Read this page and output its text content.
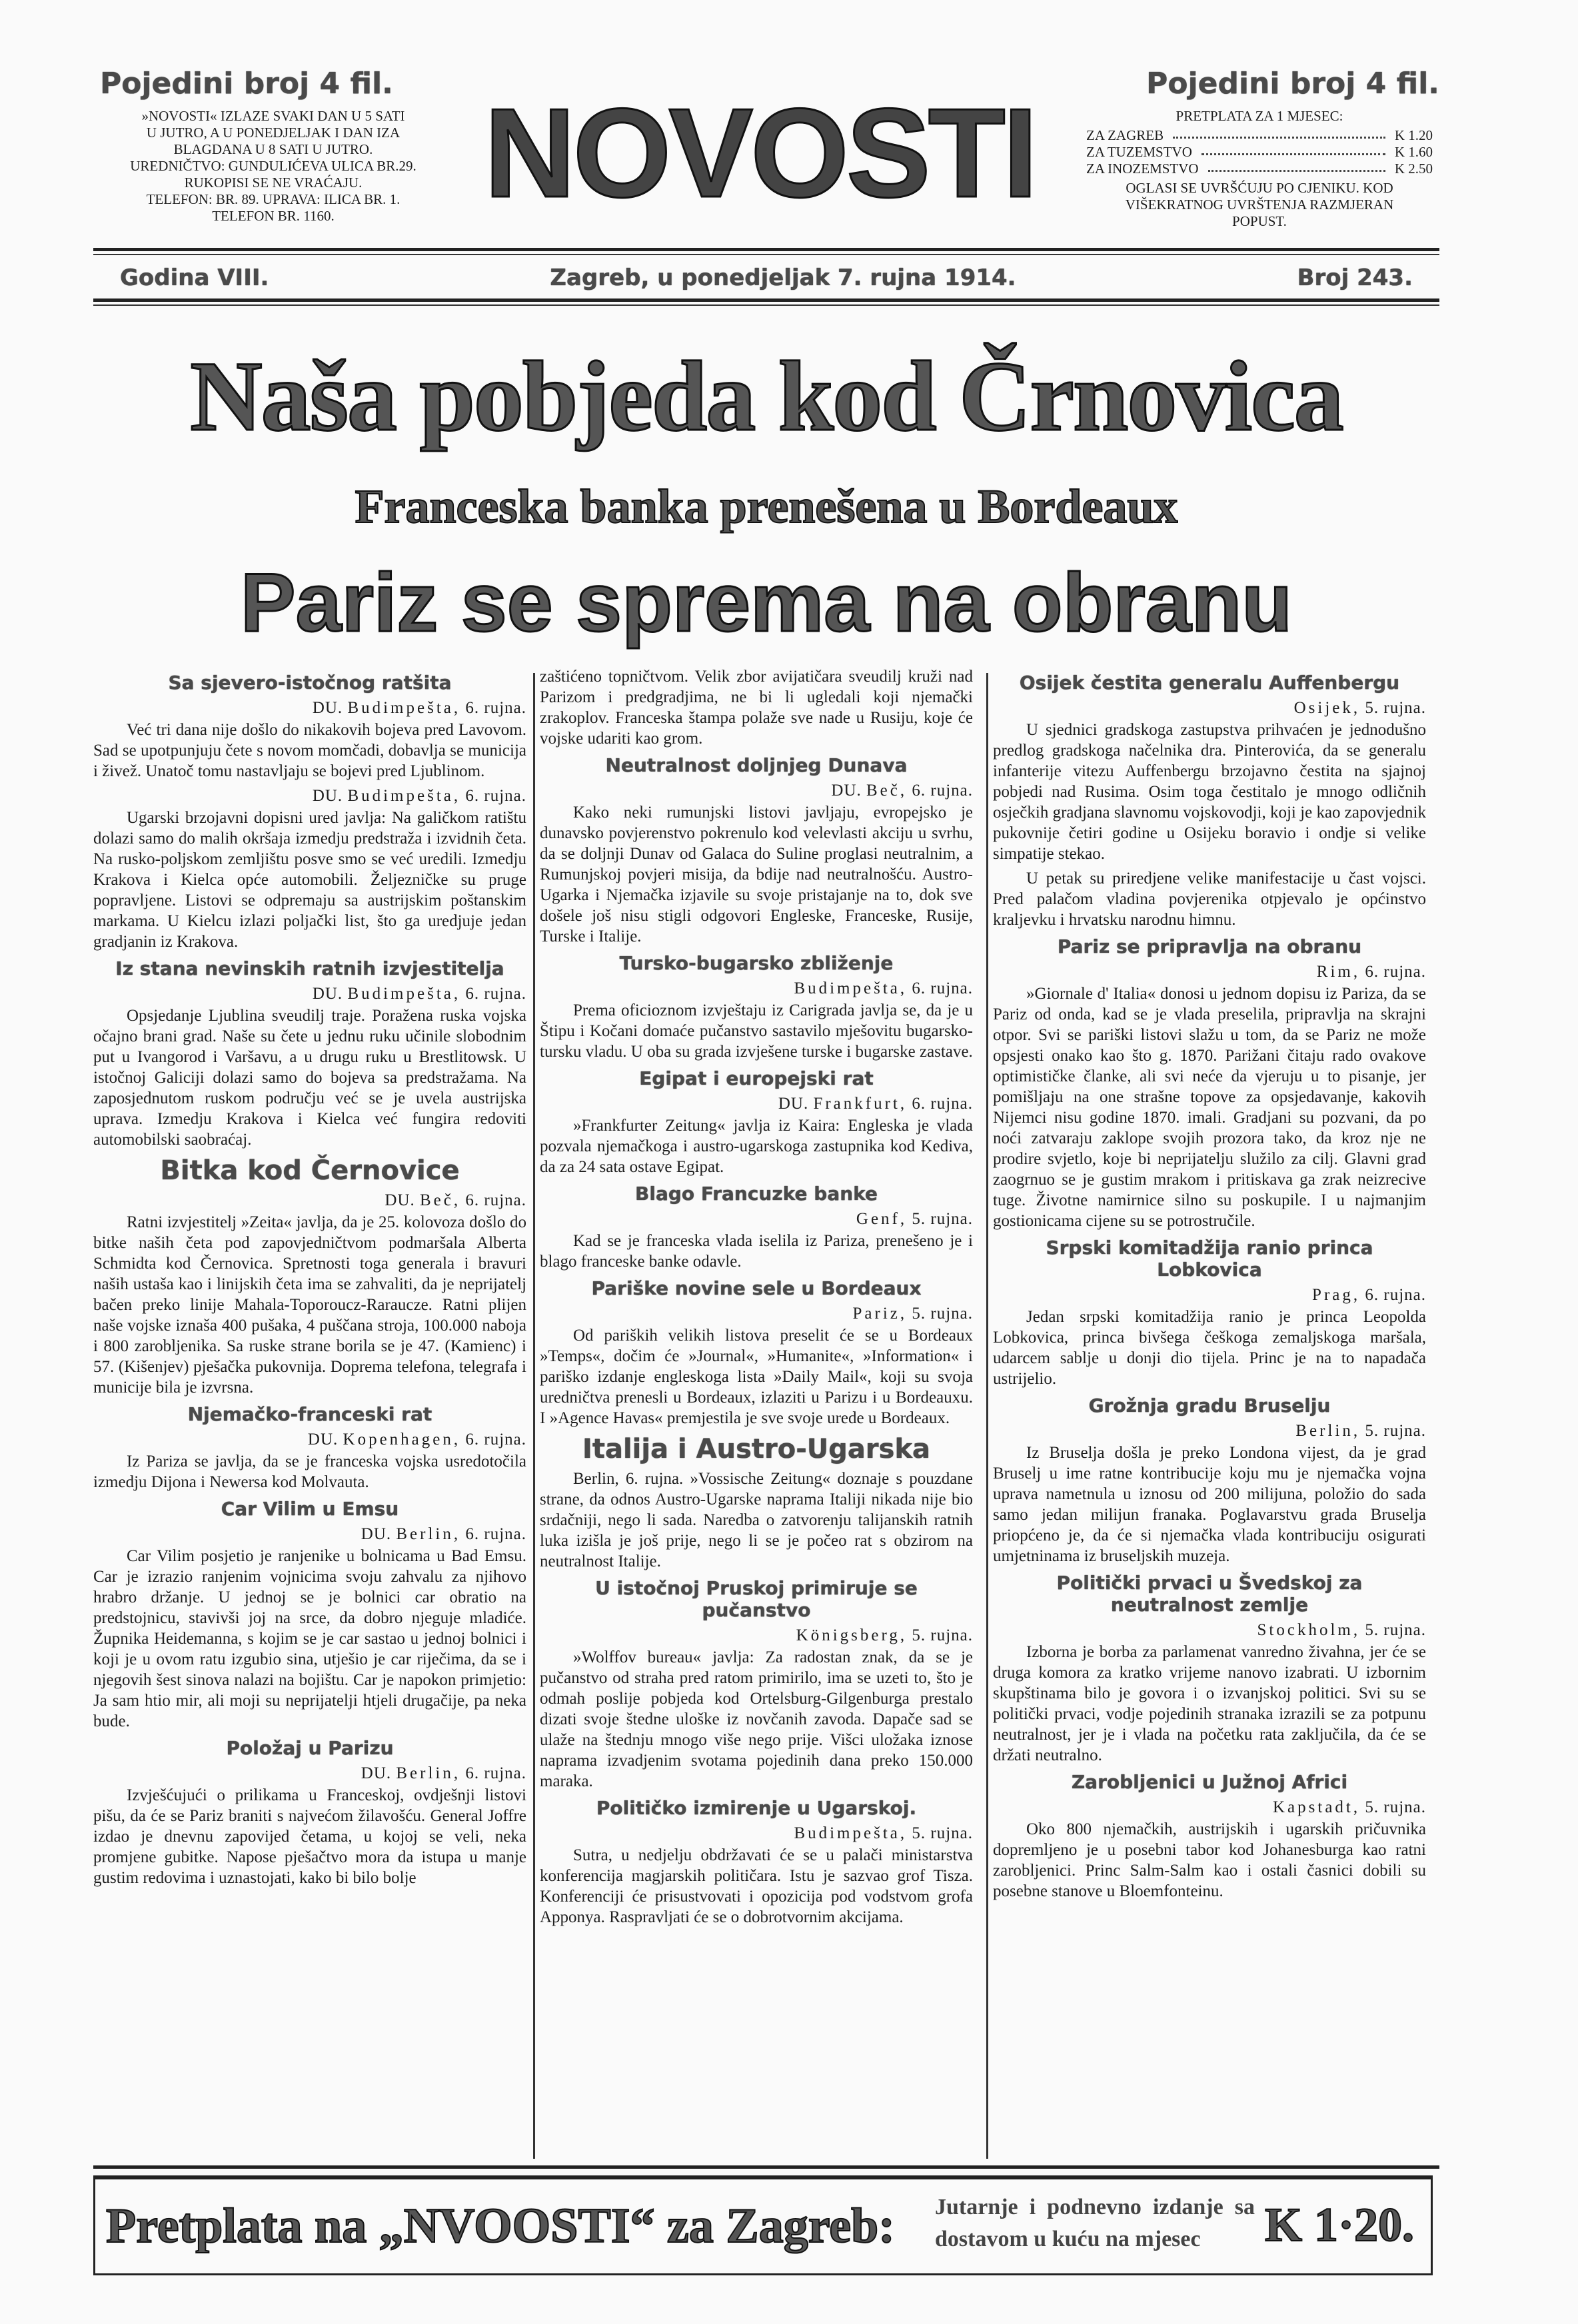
Pojedini broj 4 fil.
»NOVOSTI« IZLAZE SVAKI DAN U 5 SATI
U JUTRO, A U PONEDJELJAK I DAN IZA
BLAGDANA U 8 SATI U JUTRO.
UREDNIČTVO: GUNDULIĆEVA ULICA BR.29.
RUKOPISI SE NE VRAĆAJU.
TELEFON: BR. 89. UPRAVA: ILICA BR. 1.
TELEFON BR. 1160.	NOVOSTI	Pojedini broj 4 fil.
PRETPLATA ZA 1 MJESEC:
ZA ZAGREB	K 1.20
ZA TUZEMSTVO	K 1.60
ZA INOZEMSTVO	K 2.50
OGLASI SE UVRŠĆUJU PO CJENIKU. KOD
VIŠEKRATNOG UVRŠTENJA RAZMJERAN
POPUST.
Godina VIII.	Zagreb, u ponedjeljak 7. rujna 1914.	Broj 243.
Naša pobjeda kod Črnovica
Franceska banka prenešena u Bordeaux
Pariz se sprema na obranu
Sa sjevero-istočnog ratšita
DU. Budimpešta, 6. rujna.

Već tri dana nije došlo do nikakovih bojeva pred Lavovom. Sad se upotpunjuju čete s novom momčadi, dobavlja se municija i živež. Unatoč tomu nastavljaju se bojevi pred Ljublinom.

DU. Budimpešta, 6. rujna.

Ugarski brzojavni dopisni ured javlja: Na galičkom ratištu dolazi samo do malih okršaja izmedju predstraža i izvidnih četa. Na rusko-poljskom zemljištu posve smo se već uredili. Izmedju Krakova i Kielca opće automobili. Željezničke su pruge popravljene. Listovi se odpremaju sa austrijskim poštanskim markama. U Kielcu izlazi poljački list, što ga uredjuje jedan gradjanin iz Krakova.

Iz stana nevinskih ratnih izvjestitelja
DU. Budimpešta, 6. rujna.

Opsjedanje Ljublina sveudilj traje. Poražena ruska vojska očajno brani grad. Naše su čete u jednu ruku učinile slobodnim put u Ivangorod i Varšavu, a u drugu ruku u Brestlitowsk. U istočnoj Galiciji dolazi samo do bojeva sa predstražama. Na zaposjednutom ruskom području već se je uvela austrijska uprava. Izmedju Krakova i Kielca već fungira redoviti automobilski saobraćaj.

Bitka kod Černovice
DU. Beč, 6. rujna.

Ratni izvjestitelj »Zeita« javlja, da je 25. kolovoza došlo do bitke naših četa pod zapovjedničtvom podmaršala Alberta Schmidta kod Černovica. Spretnosti toga generala i bravuri naših ustaša kao i linijskih četa ima se zahvaliti, da je neprijatelj bačen preko linije Mahala-Toporoucz-Raraucze. Ratni plijen naše vojske iznaša 400 pušaka, 4 puščana stroja, 100.000 naboja i 800 zarobljenika. Sa ruske strane borila se je 47. (Kamienc) i 57. (Kišenjev) pješačka pukovnija. Doprema telefona, telegrafa i municije bila je izvrsna.

Njemačko-franceski rat
DU. Kopenhagen, 6. rujna.

Iz Pariza se javlja, da se je franceska vojska usredotočila izmedju Dijona i Newersa kod Molvauta.

Car Vilim u Emsu
DU. Berlin, 6. rujna.

Car Vilim posjetio je ranjenike u bolnicama u Bad Emsu. Car je izrazio ranjenim vojnicima svoju zahvalu za njihovo hrabro držanje. U jednoj se je bolnici car obratio na predstojnicu, stavivši joj na srce, da dobro njeguje mladiće. Župnika Heidemanna, s kojim se je car sastao u jednoj bolnici i koji je u ovom ratu izgubio sina, utješio je car riječima, da se i njegovih šest sinova nalazi na bojištu. Car je napokon primjetio: Ja sam htio mir, ali moji su neprijatelji htjeli drugačije, pa neka bude.

Položaj u Parizu
DU. Berlin, 6. rujna.

Izvješćujući o prilikama u Franceskoj, ovdješnji listovi pišu, da će se Pariz braniti s najvećom žilavošću. General Joffre izdao je dnevnu zapovijed četama, u kojoj se veli, neka promjene gubitke. Napose pješačtvo mora da istupa u manje gustim redovima i uznastojati, kako bi bilo bolje

zaštićeno topničtvom. Velik zbor avijatičara sveudilj kruži nad Parizom i predgradjima, ne bi li ugledali koji njemački zrakoplov. Franceska štampa polaže sve nade u Rusiju, koje će vojske udariti kao grom.

Neutralnost doljnjeg Dunava
DU. Beč, 6. rujna.

Kako neki rumunjski listovi javljaju, evropejsko je dunavsko povjerenstvo pokrenulo kod velevlasti akciju u svrhu, da se doljnji Dunav od Galaca do Suline proglasi neutralnim, a Rumunjskoj povjeri misija, da bdije nad neutralnošću. Austro-Ugarka i Njemačka izjavile su svoje pristajanje na to, dok sve došele još nisu stigli odgovori Engleske, Franceske, Rusije, Turske i Italije.

Tursko-bugarsko zbliženje
Budimpešta, 6. rujna.

Prema oficioznom izvještaju iz Carigrada javlja se, da je u Štipu i Kočani domaće pučanstvo sastavilo mješovitu bugarsko-tursku vladu. U oba su grada izvješene turske i bugarske zastave.

Egipat i europejski rat
DU. Frankfurt, 6. rujna.

»Frankfurter Zeitung« javlja iz Kaira: Engleska je vlada pozvala njemačkoga i austro-ugarskoga zastupnika kod Kediva, da za 24 sata ostave Egipat.

Blago Francuzke banke
Genf, 5. rujna.

Kad se je franceska vlada iselila iz Pariza, prenešeno je i blago franceske banke odavle.

Pariške novine sele u Bordeaux
Pariz, 5. rujna.

Od pariških velikih listova preselit će se u Bordeaux »Temps«, dočim će »Journal«, »Humanite«, »Information« i pariško izdanje engleskoga lista »Daily Mail«, koji su svoja uredničtva prenesli u Bordeaux, izlaziti u Parizu i u Bordeauxu. I »Agence Havas« premjestila je sve svoje urede u Bordeaux.

Italija i Austro-Ugarska

Berlin, 6. rujna. »Vossische Zeitung« doznaje s pouzdane strane, da odnos Austro-Ugarske naprama Italiji nikada nije bio srdačniji, nego li sada. Naredba o zatvorenju talijanskih ratnih luka izišla je još prije, nego li se je počeo rat s obzirom na neutralnost Italije.

U istočnoj Pruskoj primiruje se pučanstvo
Königsberg, 5. rujna.

»Wolffov bureau« javlja: Za radostan znak, da se je pučanstvo od straha pred ratom primirilo, ima se uzeti to, što je odmah poslije pobjeda kod Ortelsburg-Gilgenburga prestalo dizati svoje štedne uloške iz novčanih zavoda. Dapače sad se ulaže na štednju mnogo više nego prije. Višci uložaka iznose naprama izvadjenim svotama pojedinih dana preko 150.000 maraka.

Političko izmirenje u Ugarskoj.
Budimpešta, 5. rujna.

Sutra, u nedjelju obdržavati će se u palači ministarstva konferencija magjarskih političara. Istu je sazvao grof Tisza. Konferenciji će prisustvovati i opozicija pod vodstvom grofa Apponya. Raspravljati će se o dobrotvornim akcijama.

Osijek čestita generalu Auffenbergu
Osijek, 5. rujna.

U sjednici gradskoga zastupstva prihvaćen je jednodušno predlog gradskoga načelnika dra. Pinterovića, da se generalu infanterije vitezu Auffenbergu brzojavno čestita na sjajnoj pobjedi nad Rusima. Osim toga čestitalo je mnogo odličnih osječkih gradjana slavnomu vojskovodji, koji je kao zapovjednik pukovnije četiri godine u Osijeku boravio i ondje si velike simpatije stekao.

U petak su priredjene velike manifestacije u čast vojsci. Pred palačom vladina povjerenika otpjevalo je općinstvo kraljevku i hrvatsku narodnu himnu.

Pariz se pripravlja na obranu
Rim, 6. rujna.

»Giornale d' Italia« donosi u jednom dopisu iz Pariza, da se Pariz od onda, kad se je vlada preselila, pripravlja na skrajni otpor. Svi se pariški listovi slažu u tom, da se Pariz ne može opsjesti onako kao što g. 1870. Parižani čitaju rado ovakove optimističke članke, ali svi neće da vjeruju u to pisanje, jer pomišljaju na one strašne topove za opsjedavanje, kakovih Nijemci nisu godine 1870. imali. Gradjani su pozvani, da po noći zatvaraju zaklope svojih prozora tako, da kroz nje ne prodire svjetlo, koje bi neprijatelju služilo za cilj. Glavni grad zaogrnuo se je gustim mrakom i pritiskava ga zrak neizrecive tuge. Životne namirnice silno su poskupile. I u najmanjim gostionicama cijene su se potrostručile.

Srpski komitadžija ranio princa Lobkovica
Prag, 6. rujna.

Jedan srpski komitadžija ranio je princa Leopolda Lobkovica, princa bivšega češkoga zemaljskoga maršala, udarcem sablje u donji dio tijela. Princ je na to napadača ustrijelio.

Grožnja gradu Bruselju
Berlin, 5. rujna.

Iz Bruselja došla je preko Londona vijest, da je grad Bruselj u ime ratne kontribucije koju mu je njemačka vojna uprava nametnula u iznosu od 200 milijuna, položio do sada samo jedan milijun franaka. Poglavarstvu grada Bruselja priopćeno je, da će si njemačka vlada kontribuciju osigurati umjetninama iz bruseljskih muzeja.

Politički prvaci u Švedskoj za neutralnost zemlje
Stockholm, 5. rujna.

Izborna je borba za parlamenat vanredno živahna, jer će se druga komora za kratko vrijeme nanovo izabrati. U izbornim skupštinama bilo je govora i o izvanjskoj politici. Svi su se politički prvaci, vodje pojedinih stranaka izrazili se za potpunu neutralnost, jer je i vlada na početku rata zaključila, da će se držati neutralno.

Zarobljenici u Južnoj Africi
Kapstadt, 5. rujna.

Oko 800 njemačkih, austrijskih i ugarskih pričuvnika dopremljeno je u posebni tabor kod Johanesburga kao ratni zarobljenici. Princ Salm-Salm kao i ostali časnici dobili su posebne stanove u Bloemfonteinu.

Pretplata na „NVOOSTI“ za Zagreb:	Jutarnje i podnevno izdanje sa dostavom u kuću na mjesec	K 1·20.
